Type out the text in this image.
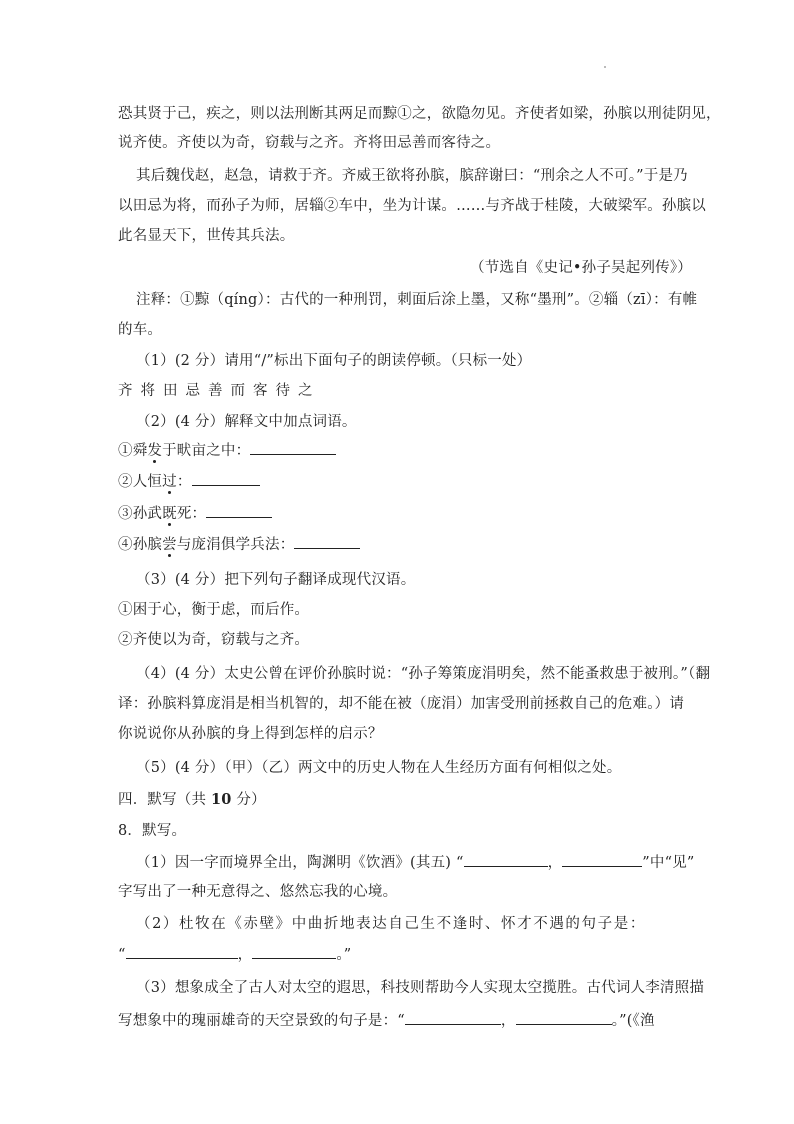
恐其贤于己，疾之，则以法刑断其两足而黥①之，欲隐勿见。齐使者如梁，孙膑以刑徒阴见，
说齐使。齐使以为奇，窃载与之齐。齐将田忌善而客待之。
其后魏伐赵，赵急，请救于齐。齐威王欲将孙膑，膑辞谢曰：“刑余之人不可。”于是乃
以田忌为将，而孙子为师，居辎②车中，坐为计谋。……与齐战于桂陵，大破梁军。孙膑以
此名显天下，世传其兵法。
（节选自《史记•孙子吴起列传》）
注释：①黥（qíng）：古代的一种刑罚，刺面后涂上墨，又称“墨刑”。②辎（zī）：有帷
的车。
（1）(2 分）请用“/”标出下面句子的朗读停顿。（只标一处）
齐将田忌善而客待之
（2）(4 分）解释文中加点词语。
①舜发于畎亩之中：
②人恒过：
③孙武既死：
④孙膑尝与庞涓俱学兵法：
（3）(4 分）把下列句子翻译成现代汉语。
①困于心，衡于虑，而后作。
②齐使以为奇，窃载与之齐。
（4）(4 分）太史公曾在评价孙膑时说：“孙子筹策庞涓明矣，然不能蚤救患于被刑。”（翻
译：孙膑料算庞涓是相当机智的，却不能在被（庞涓）加害受刑前拯救自己的危难。）请
你说说你从孙膑的身上得到怎样的启示？
（5）(4 分）（甲）（乙）两文中的历史人物在人生经历方面有何相似之处。
四．默写（共 10 分）
8．默写。
（1）因一字而境界全出，陶渊明《饮酒》(其五) “	，	”中“见”
字写出了一种无意得之、悠然忘我的心境。
（2）杜牧在《赤壁》中曲折地表达自己生不逢时、怀才不遇的句子是：
“	，	。”
（3）想象成全了古人对太空的遐思，科技则帮助今人实现太空揽胜。古代词人李清照描
写想象中的瑰丽雄奇的天空景致的句子是：“	，	。”(《渔
